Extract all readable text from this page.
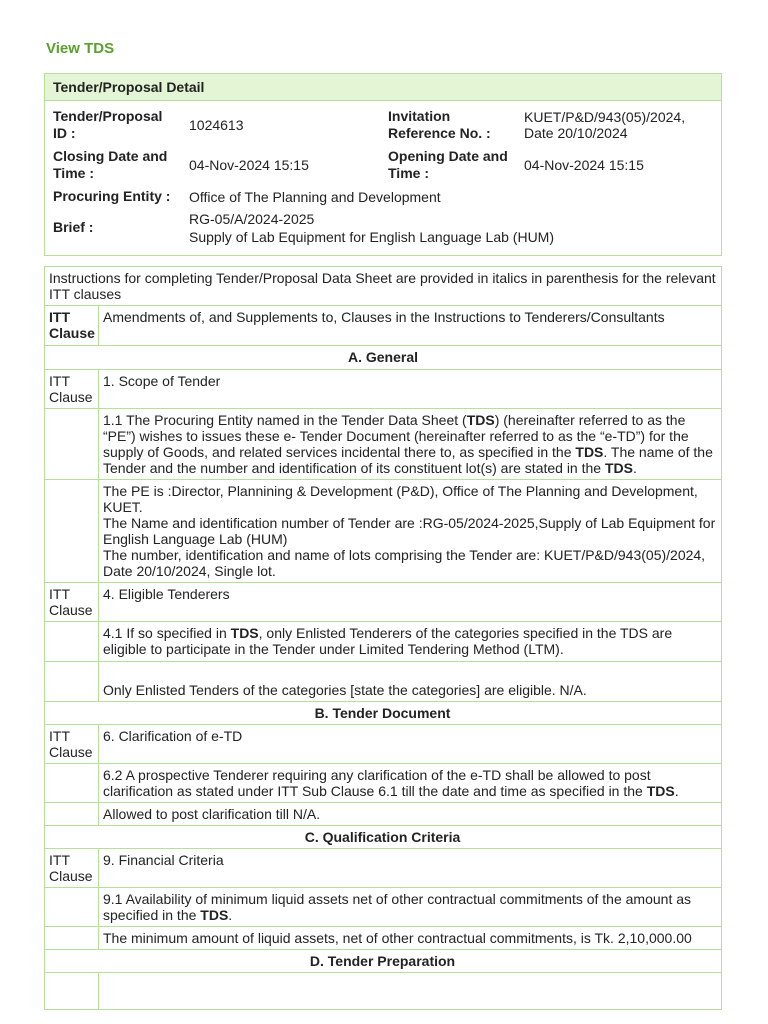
View TDS
Tender/Proposal Detail
Tender/Proposal ID :	1024613
Invitation Reference No. :
KUET/P&D/943(05)/2024, Date 20/10/2024
Closing Date and Time :	04-Nov-2024 15:15
Opening Date and Time :	04-Nov-2024 15:15
Procuring Entity : Office of The Planning and Development
Brief :	RG-05/A/2024-2025
Supply of Lab Equipment for English Language Lab (HUM)
Instructions for completing Tender/Proposal Data Sheet are provided in italics in parenthesis for the relevant ITT clauses	
ITT Clause	Amendments of, and Supplements to, Clauses in the Instructions to Tenderers/Consultants
A. General	
ITT Clause	1. Scope of Tender
	1.1 The Procuring Entity named in the Tender Data Sheet (TDS) (hereinafter referred to as the “PE”) wishes to issues these e- Tender Document (hereinafter referred to as the “e-TD”) for the supply of Goods, and related services incidental there to, as specified in the TDS. The name of the Tender and the number and identification of its constituent lot(s) are stated in the TDS.

	The PE is :Director, Plannining & Development (P&D), Office of The Planning and Development, KUET.
The Name and identification number of Tender are :RG-05/2024-2025,Supply of Lab Equipment for English Language Lab (HUM)
The number, identification and name of lots comprising the Tender are: KUET/P&D/943(05)/2024, Date 20/10/2024, Single lot.

ITT Clause	4. Eligible Tenderers
	4.1 If so specified in TDS, only Enlisted Tenderers of the categories specified in the TDS are eligible to participate in the Tender under Limited Tendering Method (LTM).
	Only Enlisted Tenders of the categories [state the categories] are eligible. N/A.
B. Tender Document	
ITT Clause	6. Clarification of e-TD
	6.2 A prospective Tenderer requiring any clarification of the e-TD shall be allowed to post clarification as stated under ITT Sub Clause 6.1 till the date and time as specified in the TDS.
	Allowed to post clarification till N/A.
C. Qualification Criteria	
ITT Clause	9. Financial Criteria
	9.1 Availability of minimum liquid assets net of other contractual commitments of the amount as specified in the TDS.
	The minimum amount of liquid assets, net of other contractual commitments, is Tk. 2,10,000.00
D. Tender Preparation	
